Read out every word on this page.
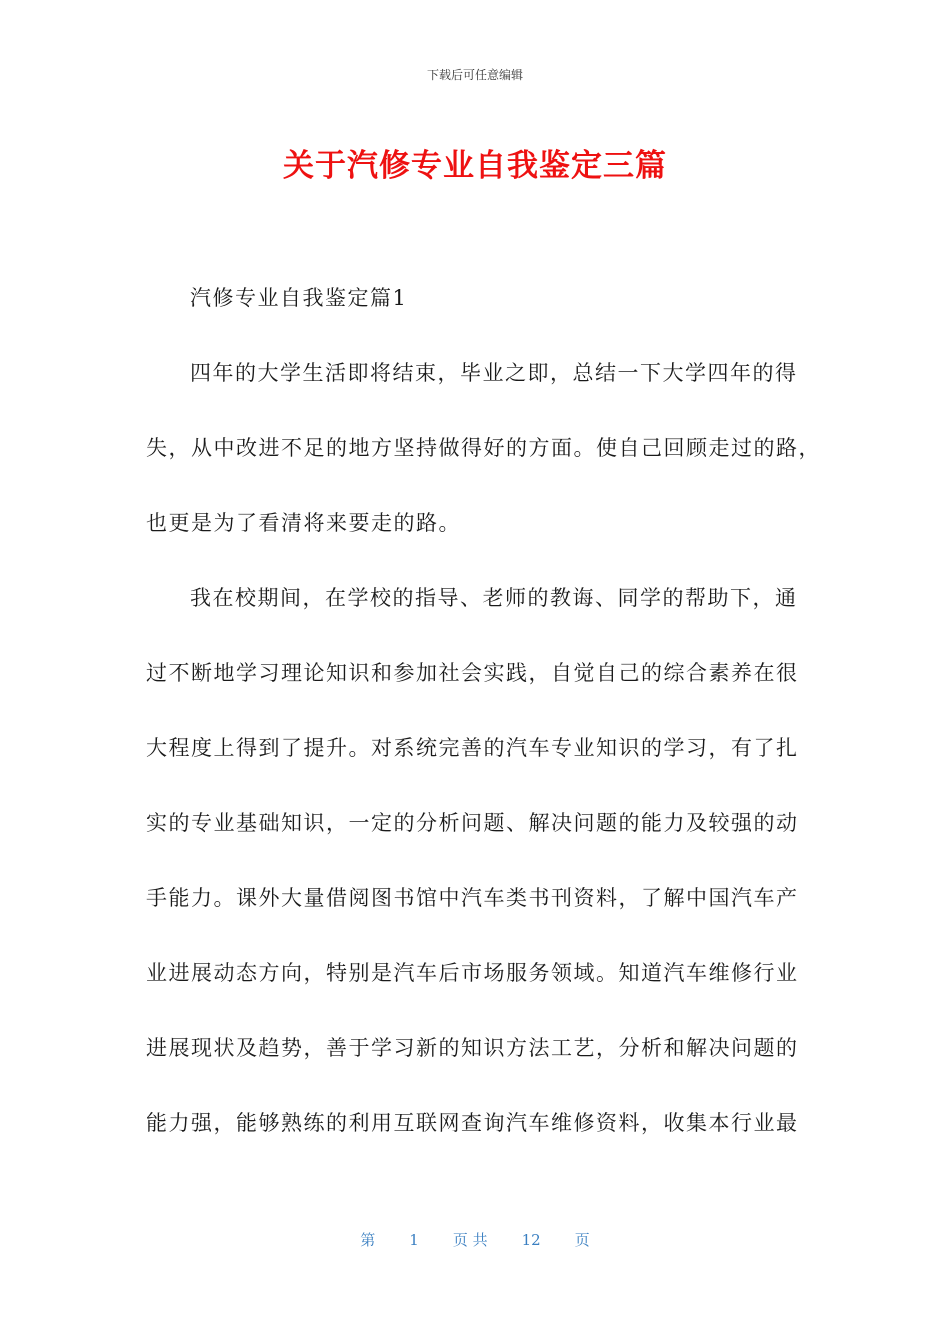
下载后可任意编辑
关于汽修专业自我鉴定三篇
汽修专业自我鉴定篇1
四年的大学生活即将结束，毕业之即，总结一下大学四年的得
失，从中改进不足的地方坚持做得好的方面。使自己回顾走过的路，
也更是为了看清将来要走的路。
我在校期间，在学校的指导、老师的教诲、同学的帮助下，通
过不断地学习理论知识和参加社会实践，自觉自己的综合素养在很
大程度上得到了提升。对系统完善的汽车专业知识的学习，有了扎
实的专业基础知识，一定的分析问题、解决问题的能力及较强的动
手能力。课外大量借阅图书馆中汽车类书刊资料，了解中国汽车产
业进展动态方向，特别是汽车后市场服务领域。知道汽车维修行业
进展现状及趋势，善于学习新的知识方法工艺，分析和解决问题的
能力强，能够熟练的利用互联网查询汽车维修资料，收集本行业最
第 1 页 共 12 页
